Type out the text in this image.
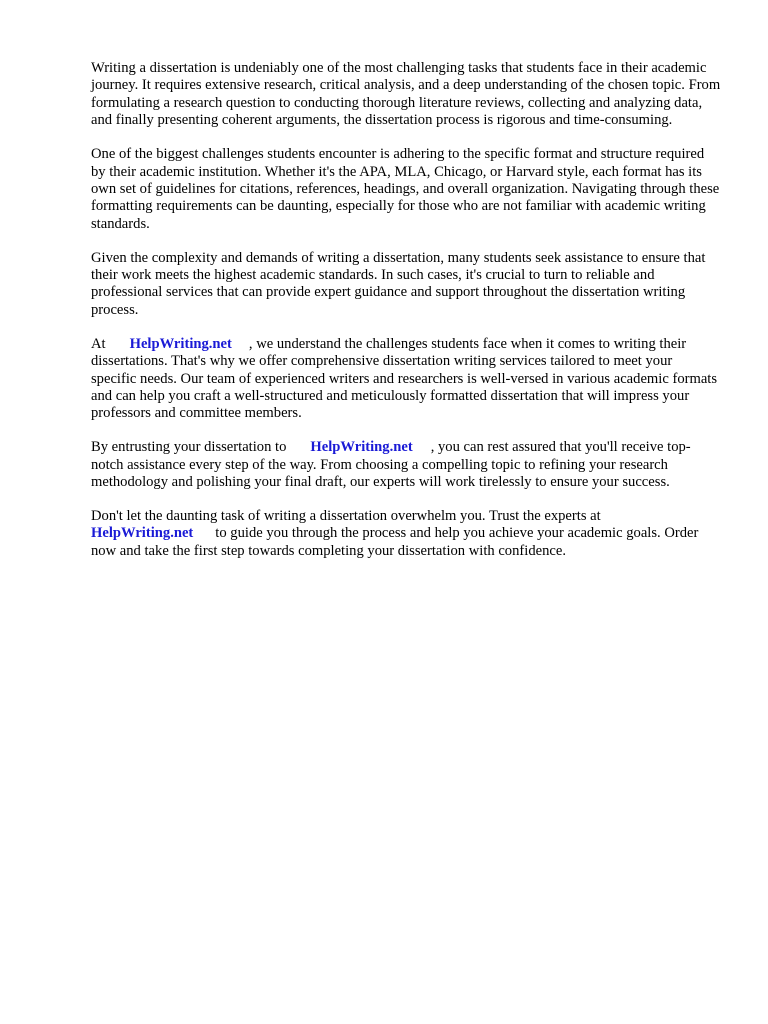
Writing a dissertation is undeniably one of the most challenging tasks that students face in their academic journey. It requires extensive research, critical analysis, and a deep understanding of the chosen topic. From formulating a research question to conducting thorough literature reviews, collecting and analyzing data, and finally presenting coherent arguments, the dissertation process is rigorous and time-consuming.

One of the biggest challenges students encounter is adhering to the specific format and structure required by their academic institution. Whether it's the APA, MLA, Chicago, or Harvard style, each format has its own set of guidelines for citations, references, headings, and overall organization. Navigating through these formatting requirements can be daunting, especially for those who are not familiar with academic writing standards.

Given the complexity and demands of writing a dissertation, many students seek assistance to ensure that their work meets the highest academic standards. In such cases, it's crucial to turn to reliable and professional services that can provide expert guidance and support throughout the dissertation writing process.

At HelpWriting.net , we understand the challenges students face when it comes to writing their dissertations. That's why we offer comprehensive dissertation writing services tailored to meet your specific needs. Our team of experienced writers and researchers is well-versed in various academic formats and can help you craft a well-structured and meticulously formatted dissertation that will impress your professors and committee members.

By entrusting your dissertation to HelpWriting.net , you can rest assured that you'll receive top-notch assistance every step of the way. From choosing a compelling topic to refining your research methodology and polishing your final draft, our experts will work tirelessly to ensure your success.

Don't let the daunting task of writing a dissertation overwhelm you. Trust the experts at
HelpWriting.net to guide you through the process and help you achieve your academic goals. Order now and take the first step towards completing your dissertation with confidence.
